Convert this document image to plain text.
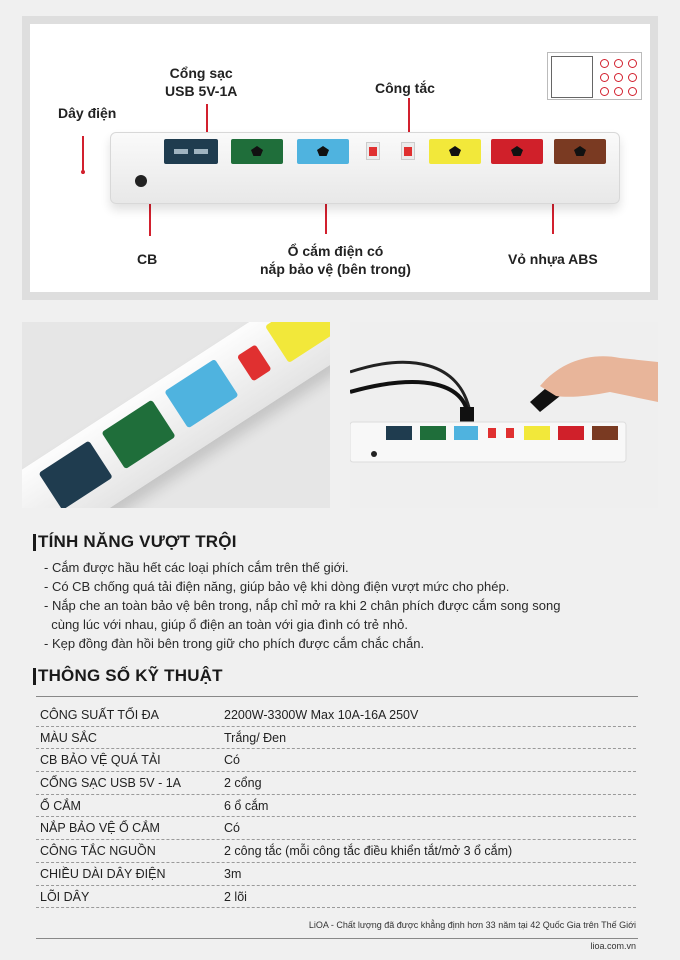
Dây điện
Cổng sạc
USB 5V-1A	Công tắc
CB	Ổ cắm điện có
nắp bảo vệ (bên trong)
Vỏ nhựa ABS
TÍNH NĂNG VƯỢT TRỘI

- Cắm được hầu hết các loại phích cắm trên thế giới.

- Có CB chống quá tải điện năng, giúp bảo vệ khi dòng điện vượt mức cho phép.

- Nắp che an toàn bảo vệ bên trong, nắp chỉ mở ra khi 2 chân phích được cắm song song

cùng lúc với nhau, giúp ổ điện an toàn với gia đình có trẻ nhỏ.

- Kẹp đồng đàn hồi bên trong giữ cho phích được cắm chắc chắn.

THÔNG SỐ KỸ THUẬT
CÔNG SUẤT TỐI ĐA	2200W-3300W Max 10A-16A 250V
MÀU SẮC	Trắng/ Đen
CB BẢO VỆ QUÁ TẢI	Có
CỔNG SẠC USB 5V - 1A	2 cổng
Ổ CẮM	6 ổ cắm
NẮP BẢO VỆ Ổ CẮM	Có
CÔNG TẮC NGUỒN	2 công tắc (mỗi công tắc điều khiển tắt/mở 3 ổ cắm)
CHIỀU DÀI DÂY ĐIỆN	3m
LÕI DÂY	2 lõi
LiOA - Chất lượng đã được khẳng định hơn 33 năm tại 42 Quốc Gia trên Thế Giới
lioa.com.vn
